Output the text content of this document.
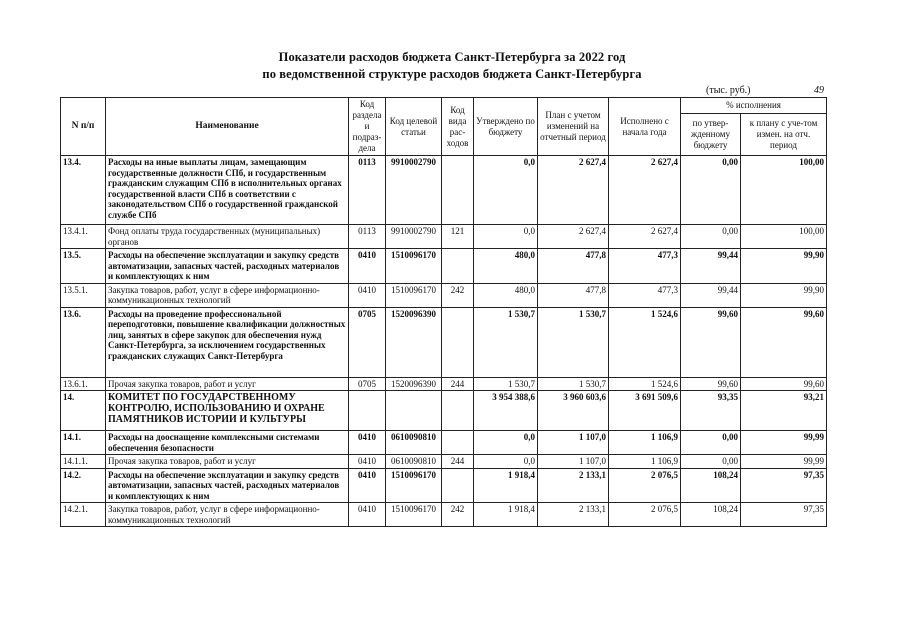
Показатели расходов бюджета Санкт-Петербурга за 2022 год
по ведомственной структуре расходов бюджета Санкт-Петербурга
(тыс. руб.)	49
N п/п	Наименование	Код раздела и подраз-дела	Код целевой статьи	Код вида рас-ходов	Утверждено по бюджету	План с учетом изменений на отчетный период	Исполнено с начала года	% исполнения	
								по утвер-жденному бюджету	к плану с уче-том измен. на отч. период
13.4.	Расходы на иные выплаты лицам, замещающим государственные должности СПб, и государственным гражданским служащим СПб в исполнительных органах государственной власти СПб в соответствии с законодательством СПб о государственной гражданской службе СПб	0113	9910002790		0,0	2 627,4	2 627,4	0,00	100,00
13.4.1.	Фонд оплаты труда государственных (муниципальных) органов	0113	9910002790	121	0,0	2 627,4	2 627,4	0,00	100,00
13.5.	Расходы на обеспечение эксплуатации и закупку средств автоматизации, запасных частей, расходных материалов и комплектующих к ним	0410	1510096170		480,0	477,8	477,3	99,44	99,90
13.5.1.	Закупка товаров, работ, услуг в сфере информационно-коммуникационных технологий	0410	1510096170	242	480,0	477,8	477,3	99,44	99,90
13.6.	Расходы на проведение профессиональной переподготовки, повышение квалификации должностных лиц, занятых в сфере закупок для обеспечения нужд Санкт-Петербурга, за исключением государственных гражданских служащих Санкт-Петербурга	0705	1520096390		1 530,7	1 530,7	1 524,6	99,60	99,60
13.6.1.	Прочая закупка товаров, работ и услуг	0705	1520096390	244	1 530,7	1 530,7	1 524,6	99,60	99,60
14.	КОМИТЕТ ПО ГОСУДАРСТВЕННОМУ КОНТРОЛЮ, ИСПОЛЬЗОВАНИЮ И ОХРАНЕ ПАМЯТНИКОВ ИСТОРИИ И КУЛЬТУРЫ				3 954 388,6	3 960 603,6	3 691 509,6	93,35	93,21
14.1.	Расходы на дооснащение комплексными системами обеспечения безопасности	0410	0610090810		0,0	1 107,0	1 106,9	0,00	99,99
14.1.1.	Прочая закупка товаров, работ и услуг	0410	0610090810	244	0,0	1 107,0	1 106,9	0,00	99,99
14.2.	Расходы на обеспечение эксплуатации и закупку средств автоматизации, запасных частей, расходных материалов и комплектующих к ним	0410	1510096170		1 918,4	2 133,1	2 076,5	108,24	97,35
14.2.1.	Закупка товаров, работ, услуг в сфере информационно-коммуникационных технологий	0410	1510096170	242	1 918,4	2 133,1	2 076,5	108,24	97,35
